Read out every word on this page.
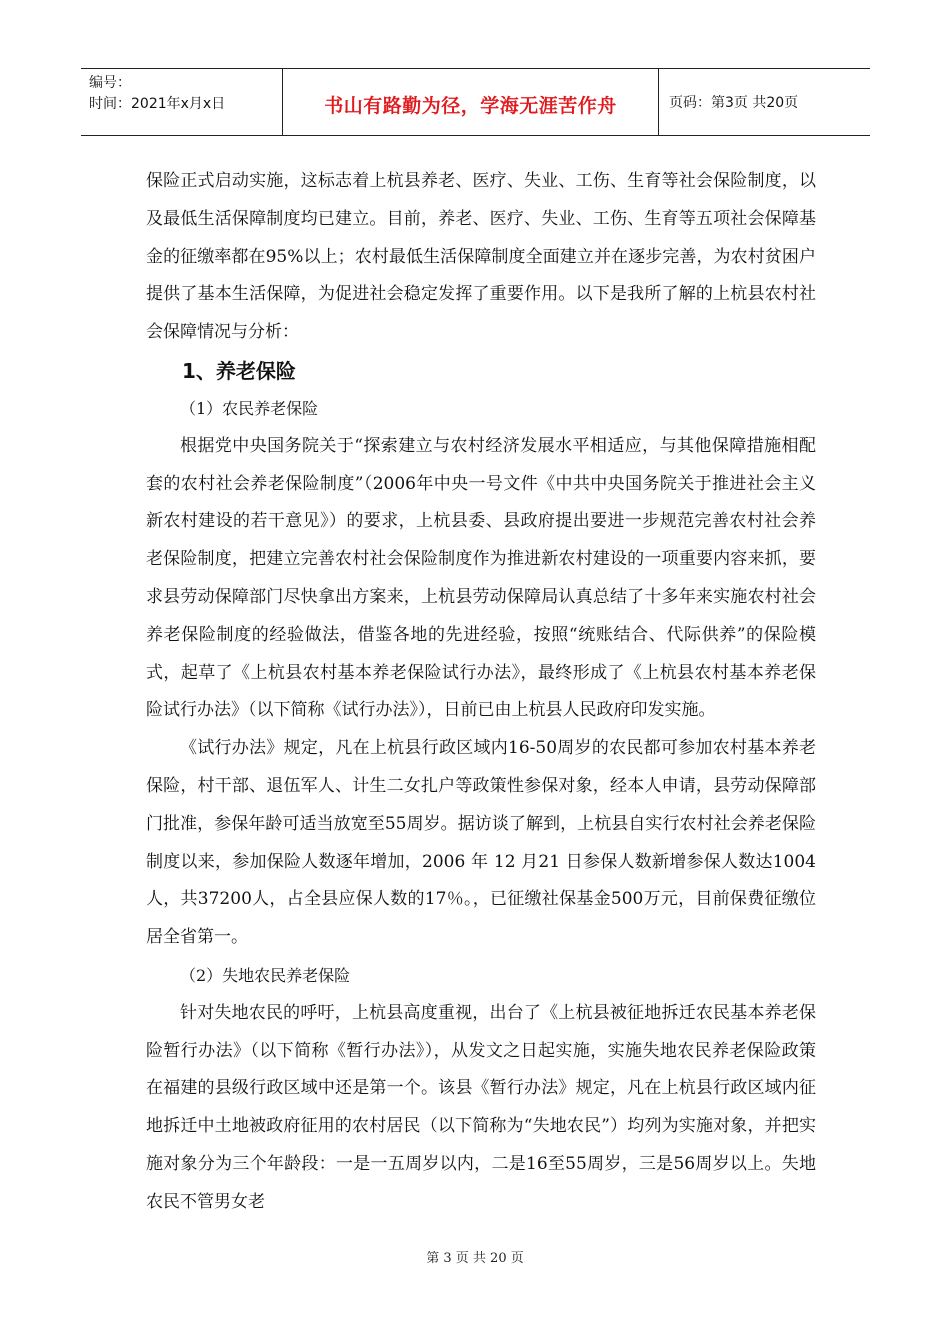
编号：
时间：2021年x月x日	书山有路勤为径，学海无涯苦作舟	页码：第3页 共20页

保险正式启动实施，这标志着上杭县养老、医疗、失业、工伤、生育等社会保险制度，以及最低生活保障制度均已建立。目前，养老、医疗、失业、工伤、生育等五项社会保障基金的征缴率都在95%以上；农村最低生活保障制度全面建立并在逐步完善，为农村贫困户提供了基本生活保障，为促进社会稳定发挥了重要作用。以下是我所了解的上杭县农村社会保障情况与分析：

1、养老保险

（1）农民养老保险

根据党中央国务院关于“探索建立与农村经济发展水平相适应，与其他保障措施相配套的农村社会养老保险制度”（2006年中央一号文件《中共中央国务院关于推进社会主义新农村建设的若干意见》）的要求，上杭县委、县政府提出要进一步规范完善农村社会养老保险制度，把建立完善农村社会保险制度作为推进新农村建设的一项重要内容来抓，要求县劳动保障部门尽快拿出方案来，上杭县劳动保障局认真总结了十多年来实施农村社会养老保险制度的经验做法，借鉴各地的先进经验，按照“统账结合、代际供养”的保险模式，起草了《上杭县农村基本养老保险试行办法》，最终形成了《上杭县农村基本养老保险试行办法》（以下简称《试行办法》），日前已由上杭县人民政府印发实施。

《试行办法》规定，凡在上杭县行政区域内16-50周岁的农民都可参加农村基本养老保险，村干部、退伍军人、计生二女扎户等政策性参保对象，经本人申请，县劳动保障部门批准，参保年龄可适当放宽至55周岁。据访谈了解到，上杭县自实行农村社会养老保险制度以来，参加保险人数逐年增加，2006 年 12 月21 日参保人数新增参保人数达1004人，共37200人，占全县应保人数的17％。，已征缴社保基金500万元，目前保费征缴位居全省第一。

（2）失地农民养老保险

针对失地农民的呼吁，上杭县高度重视，出台了《上杭县被征地拆迁农民基本养老保险暂行办法》（以下简称《暂行办法》），从发文之日起实施，实施失地农民养老保险政策在福建的县级行政区域中还是第一个。该县《暂行办法》规定，凡在上杭县行政区域内征地拆迁中土地被政府征用的农村居民（以下简称为“失地农民”）均列为实施对象，并把实施对象分为三个年龄段：一是一五周岁以内，二是16至55周岁，三是56周岁以上。失地农民不管男女老

第 3 页 共 20 页
